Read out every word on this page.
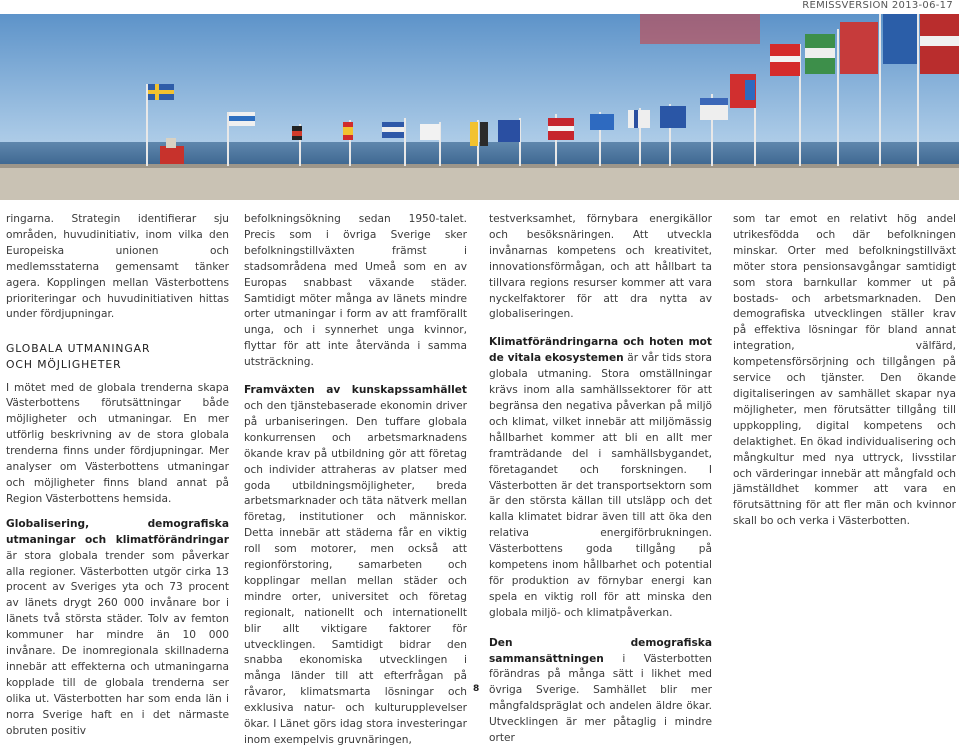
REMISSVERSION 2013-06-17

ringarna. Strategin identifierar sju områden, huvudinitiativ, inom vilka den Europeiska unionen och medlemsstaterna gemensamt tänker agera. Kopplingen mellan Västerbottens prioriteringar och huvudinitiativen hittas under fördjupningar.

GLOBALA UTMANINGAR
OCH MÖJLIGHETER

I mötet med de globala trenderna skapa Västerbottens förutsättningar både möjligheter och utmaningar. En mer utförlig beskrivning av de stora globala trenderna finns under fördjupningar. Mer analyser om Västerbottens utmaningar och möjligheter finns bland annat på Region Västerbottens hemsida.

Globalisering, demografiska utmaningar och klimatförändringar är stora globala trender som påverkar alla regioner. Västerbotten utgör cirka 13 procent av Sveriges yta och 73 procent av länets drygt 260 000 invånare bor i länets två största städer. Tolv av femton kommuner har mindre än 10 000 invånare. De inomregionala skillnaderna innebär att effekterna och utmaningarna kopplade till de globala trenderna ser olika ut. Västerbotten har som enda län i norra Sverige haft en i det närmaste obruten positiv

befolkningsökning sedan 1950-talet. Precis som i övriga Sverige sker befolkningstillväxten främst i stadsområdena med Umeå som en av Europas snabbast växande städer. Samtidigt möter många av länets mindre orter utmaningar i form av att framförallt unga, och i synnerhet unga kvinnor, flyttar för att inte återvända i samma utsträckning.

Framväxten av kunskapssamhället och den tjänstebaserade ekonomin driver på urbaniseringen. Den tuffare globala konkurrensen och arbetsmarknadens ökande krav på utbildning gör att företag och individer attraheras av platser med goda utbildningsmöjligheter, breda arbetsmarknader och täta nätverk mellan företag, institutioner och människor. Detta innebär att städerna får en viktig roll som motorer, men också att regionförstoring, samarbeten och kopplingar mellan mellan städer och mindre orter, universitet och företag regionalt, nationellt och internationellt blir allt viktigare faktorer för utvecklingen. Samtidigt bidrar den snabba ekonomiska utvecklingen i många länder till att efterfrågan på råvaror, klimatsmarta lösningar och exklusiva natur- och kulturupplevelser ökar. I Länet görs idag stora investeringar inom exempelvis gruvnäringen,

testverksamhet, förnybara energikällor och besöksnäringen. Att utveckla invånarnas kompetens och kreativitet, innovationsförmågan, och att hållbart ta tillvara regions resurser kommer att vara nyckelfaktorer för att dra nytta av globaliseringen.

Klimatförändringarna och hoten mot de vitala ekosystemen är vår tids stora globala utmaning. Stora omställningar krävs inom alla samhällssektorer för att begränsa den negativa påverkan på miljö och klimat, vilket innebär att miljömässig hållbarhet kommer att bli en allt mer framträdande del i samhällsbygandet, företagandet och forskningen. I Västerbotten är det transportsektorn som är den största källan till utsläpp och det kalla klimatet bidrar även till att öka den relativa energiförbrukningen. Västerbottens goda tillgång på kompetens inom hållbarhet och potential för produktion av förnybar energi kan spela en viktig roll för att minska den globala miljö- och klimatpåverkan.

Den demografiska sammansättningen i Västerbotten förändras på många sätt i likhet med övriga Sverige. Samhället blir mer mångfaldspräglat och andelen äldre ökar. Utvecklingen är mer påtaglig i mindre orter

som tar emot en relativt hög andel utrikesfödda och där befolkningen minskar. Orter med befolkningstillväxt möter stora pensionsavgångar samtidigt som stora barnkullar kommer ut på bostads- och arbetsmarknaden. Den demografiska utvecklingen ställer krav på effektiva lösningar för bland annat integration, välfärd, kompetensförsörjning och tillgången på service och tjänster. Den ökande digitaliseringen av samhället skapar nya möjligheter, men förutsätter tillgång till uppkoppling, digital kompetens och delaktighet. En ökad individualisering och mångkultur med nya uttryck, livsstilar och värderingar innebär att mångfald och jämställdhet kommer att vara en förutsättning för att fler män och kvinnor skall bo och verka i Västerbotten.

8
